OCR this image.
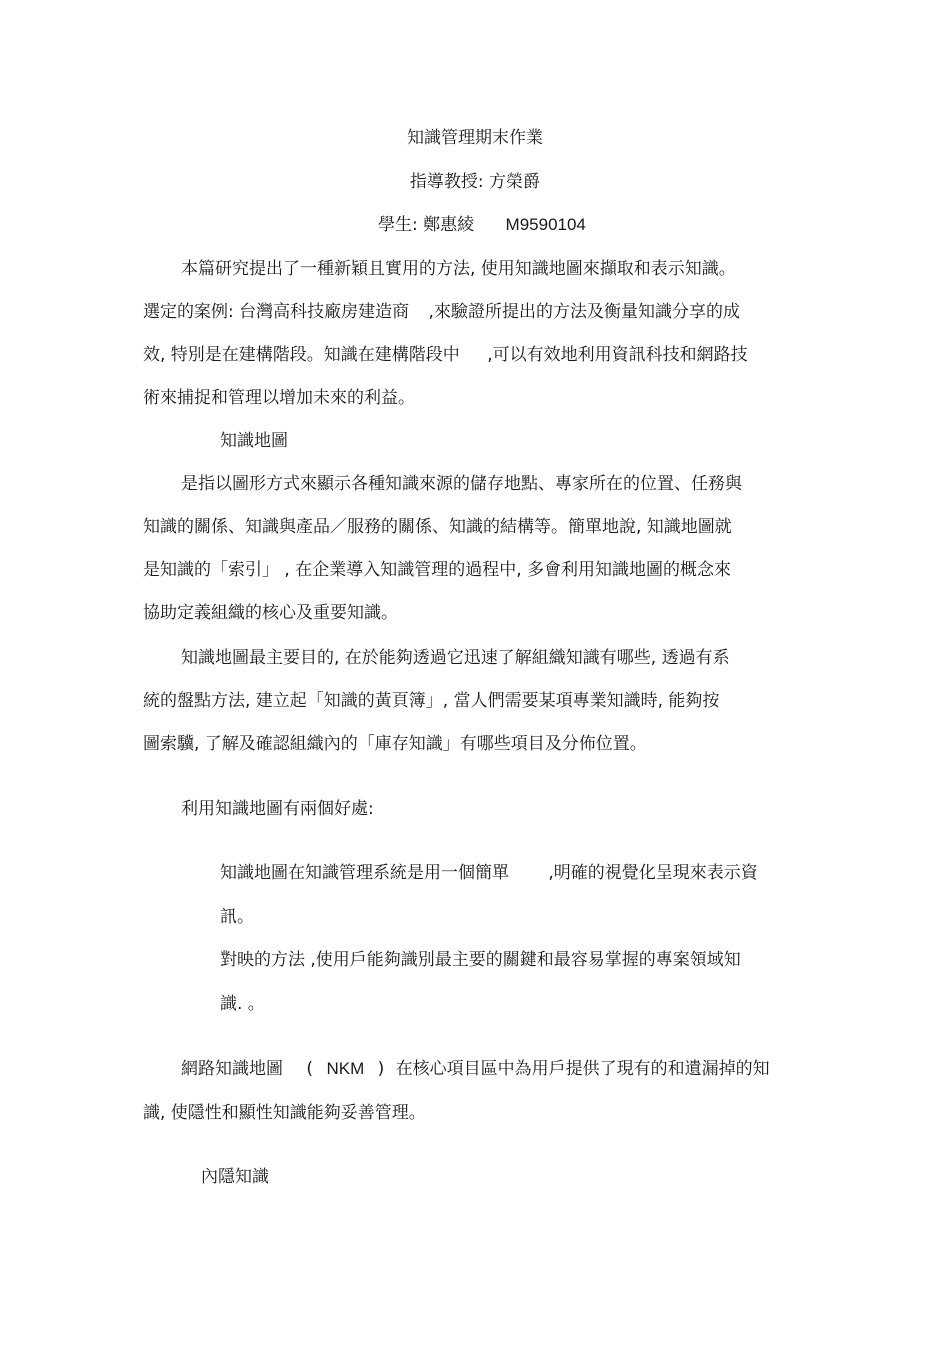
知識管理期末作業
指導教授: 方榮爵
學生: 鄭惠綾 M9590104
本篇研究提出了一種新穎且實用的方法, 使用知識地圖來擷取和表示知識。
選定的案例: 台灣高科技廠房建造商 ,來驗證所提出的方法及衡量知識分享的成
效, 特別是在建構階段。知識在建構階段中 ,可以有效地利用資訊科技和網路技
術來捕捉和管理以增加未來的利益。
知識地圖
是指以圖形方式來顯示各種知識來源的儲存地點、專家所在的位置、任務與
知識的關係、知識與產品／服務的關係、知識的結構等。簡單地說, 知識地圖就
是知識的「索引」 , 在企業導入知識管理的過程中, 多會利用知識地圖的概念來
協助定義組織的核心及重要知識。
知識地圖最主要目的, 在於能夠透過它迅速了解組織知識有哪些, 透過有系
統的盤點方法, 建立起「知識的黃頁簿」, 當人們需要某項專業知識時, 能夠按
圖索驥, 了解及確認組織內的「庫存知識」有哪些項目及分佈位置。
利用知識地圖有兩個好處:
知識地圖在知識管理系統是用一個簡單 ,明確的視覺化呈現來表示資
訊。
對映的方法 ,使用戶能夠識別最主要的關鍵和最容易掌握的專案領域知
識. 。
網路知識地圖 ( NKM ) 在核心項目區中為用戶提供了現有的和遺漏掉的知
識, 使隱性和顯性知識能夠妥善管理。
內隱知識
